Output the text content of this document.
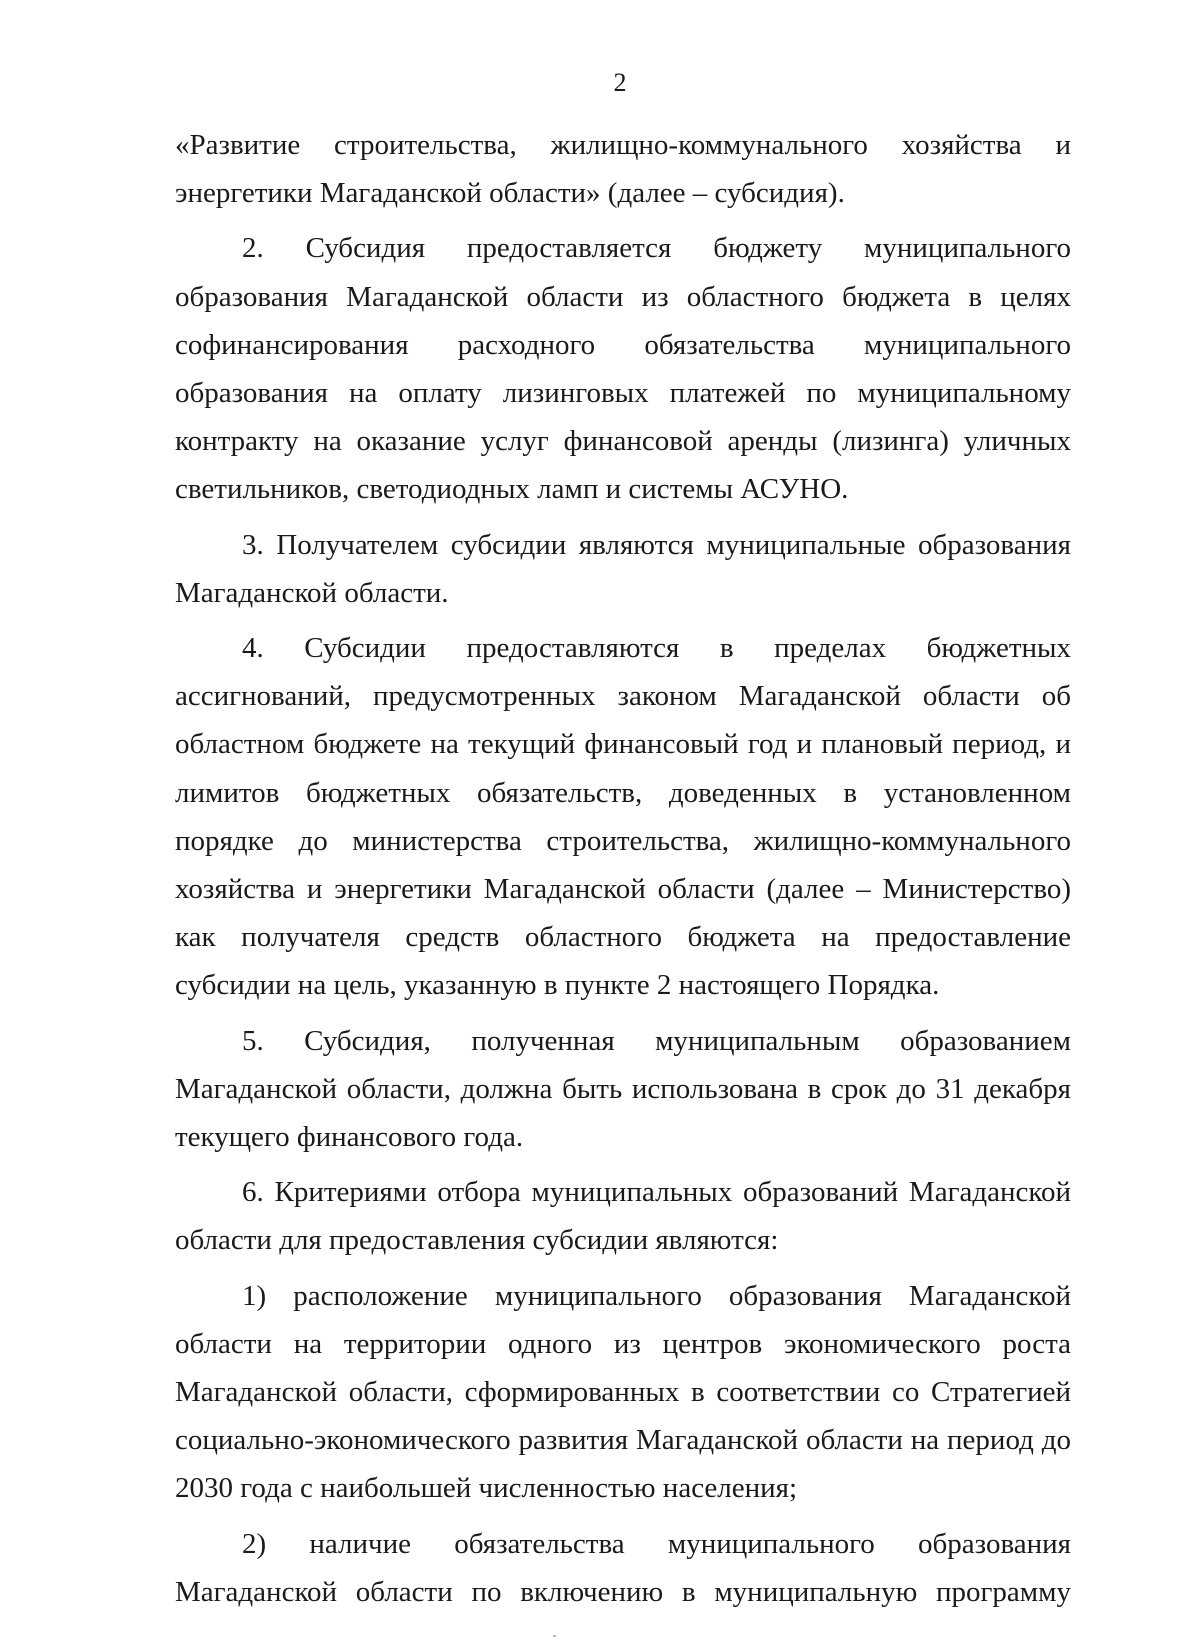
2

«Развитие строительства, жилищно-коммунального хозяйства и энергетики Магаданской области» (далее – субсидия).

2. Субсидия предоставляется бюджету муниципального образования Магаданской области из областного бюджета в целях софинансирования расходного обязательства муниципального образования на оплату лизинговых платежей по муниципальному контракту на оказание услуг финансовой аренды (лизинга) уличных светильников, светодиодных ламп и системы АСУНО.

3. Получателем субсидии являются муниципальные образования Магаданской области.

4. Субсидии предоставляются в пределах бюджетных ассигнований, предусмотренных законом Магаданской области об областном бюджете на текущий финансовый год и плановый период, и лимитов бюджетных обязательств, доведенных в установленном порядке до министерства строительства, жилищно-коммунального хозяйства и энергетики Магаданской области (далее – Министерство) как получателя средств областного бюджета на предоставление субсидии на цель, указанную в пункте 2 настоящего Порядка.

5. Субсидия, полученная муниципальным образованием Магаданской области, должна быть использована в срок до 31 декабря текущего финансового года.

6. Критериями отбора муниципальных образований Магаданской области для предоставления субсидии являются:

1) расположение муниципального образования Магаданской области на территории одного из центров экономического роста Магаданской области, сформированных в соответствии со Стратегией социально-экономического развития Магаданской области на период до 2030 года с наибольшей численностью населения;

2) наличие обязательства муниципального образования Магаданской области по включению в муниципальную программу
